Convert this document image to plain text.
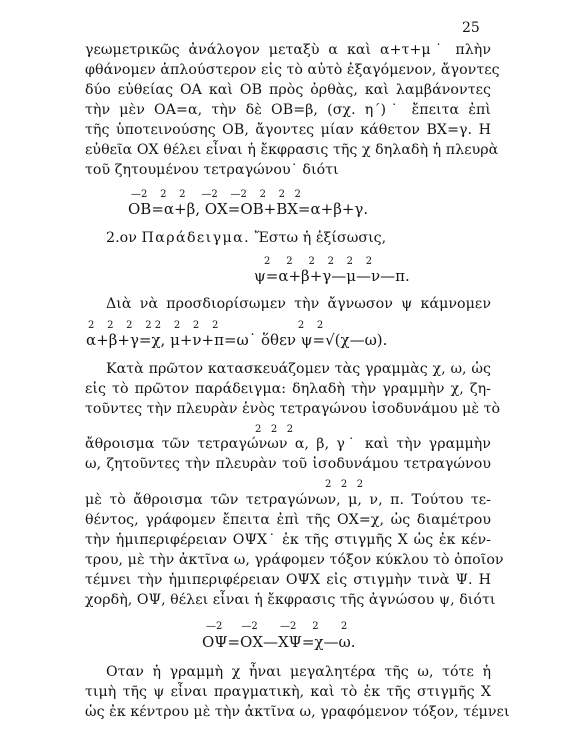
25
γεωμετρικῶς ἀνάλογον μεταξὺ α καὶ α+τ+μ˙ πλὴν
φθάνομεν ἁπλούστερον εἰς τὸ αὐτὸ ἐξαγόμενον, ἄγοντες
δύο εὐθείας ΟΑ καὶ ΟΒ πρὸς ὀρθὰς, καὶ λαμβάνοντες
τὴν μὲν ΟΑ=α, τὴν δὲ ΟΒ=β, (σχ. η΄)˙ ἔπειτα ἐπὶ
τῆς ὑποτεινούσης ΟΒ, ἄγοντες μίαν κάθετον ΒΧ=γ. Η
εὐθεῖα ΟΧ θέλει εἶναι ἡ ἔκφρασις τῆς χ δηλαδὴ ἡ πλευρὰ
τοῦ ζητουμένου τετραγώνου˙ διότι
—2    2    2     —2    —2    2    2   2
ΟΒ=α+β, ΟΧ=ΟΒ+ΒΧ=α+β+γ.
2.ον Παράδειγμα. Ἔστω ἡ ἐξίσωσις,
2     2     2    2    2    2
ψ=α+β+γ—μ—ν—π.
Διὰ νὰ προσδιορίσωμεν τὴν ἄγνωσον ψ κάμνομεν
2    2    2    2 2    2    2    2                         2    2
α+β+γ=χ, μ+ν+π=ω˙ ὅθεν ψ=√(χ—ω).
Κατὰ πρῶτον κατασκευάζομεν τὰς γραμμὰς χ, ω, ὡς
εἰς τὸ πρῶτον παράδειγμα: δηλαδὴ τὴν γραμμὴν χ, ζη-
τοῦντες τὴν πλευρὰν ἑνὸς τετραγώνου ἰσοδυνάμου μὲ τὸ
2   2   2
ἄθροισμα τῶν τετραγώνων α, β, γ˙ καὶ τὴν γραμμὴν
ω, ζητοῦντες τὴν πλευρὰν τοῦ ἰσοδυνάμου τετραγώνου
2   2   2
μὲ τὸ ἄθροισμα τῶν τετραγώνων, μ, ν, π. Τούτου τε-
θέντος, γράφομεν ἔπειτα ἐπὶ τῆς ΟΧ=χ, ὡς διαμέτρου
τὴν ἡμιπεριφέρειαν ΟΨΧ˙ ἐκ τῆς στιγμῆς Χ ὡς ἐκ κέν-
τρου, μὲ τὴν ἀκτῖνα ω, γράφομεν τόξον κύκλου τὸ ὁποῖον
τέμνει τὴν ἡμιπεριφέρειαν ΟΨΧ εἰς στιγμὴν τινὰ Ψ. Η
χορδὴ, ΟΨ, θέλει εἶναι ἡ ἔκφρασις τῆς ἀγνώσου ψ, διότι
—2      —2       —2     2       2
ΟΨ=ΟΧ—ΧΨ=χ—ω.
Οταν ἡ γραμμὴ χ ἦναι μεγαλητέρα τῆς ω, τότε ἡ
τιμὴ τῆς ψ εἶναι πραγματικὴ, καὶ τὸ ἐκ τῆς στιγμῆς Χ
ὡς ἐκ κέντρου μὲ τὴν ἀκτῖνα ω, γραφόμενον τόξον, τέμνει
